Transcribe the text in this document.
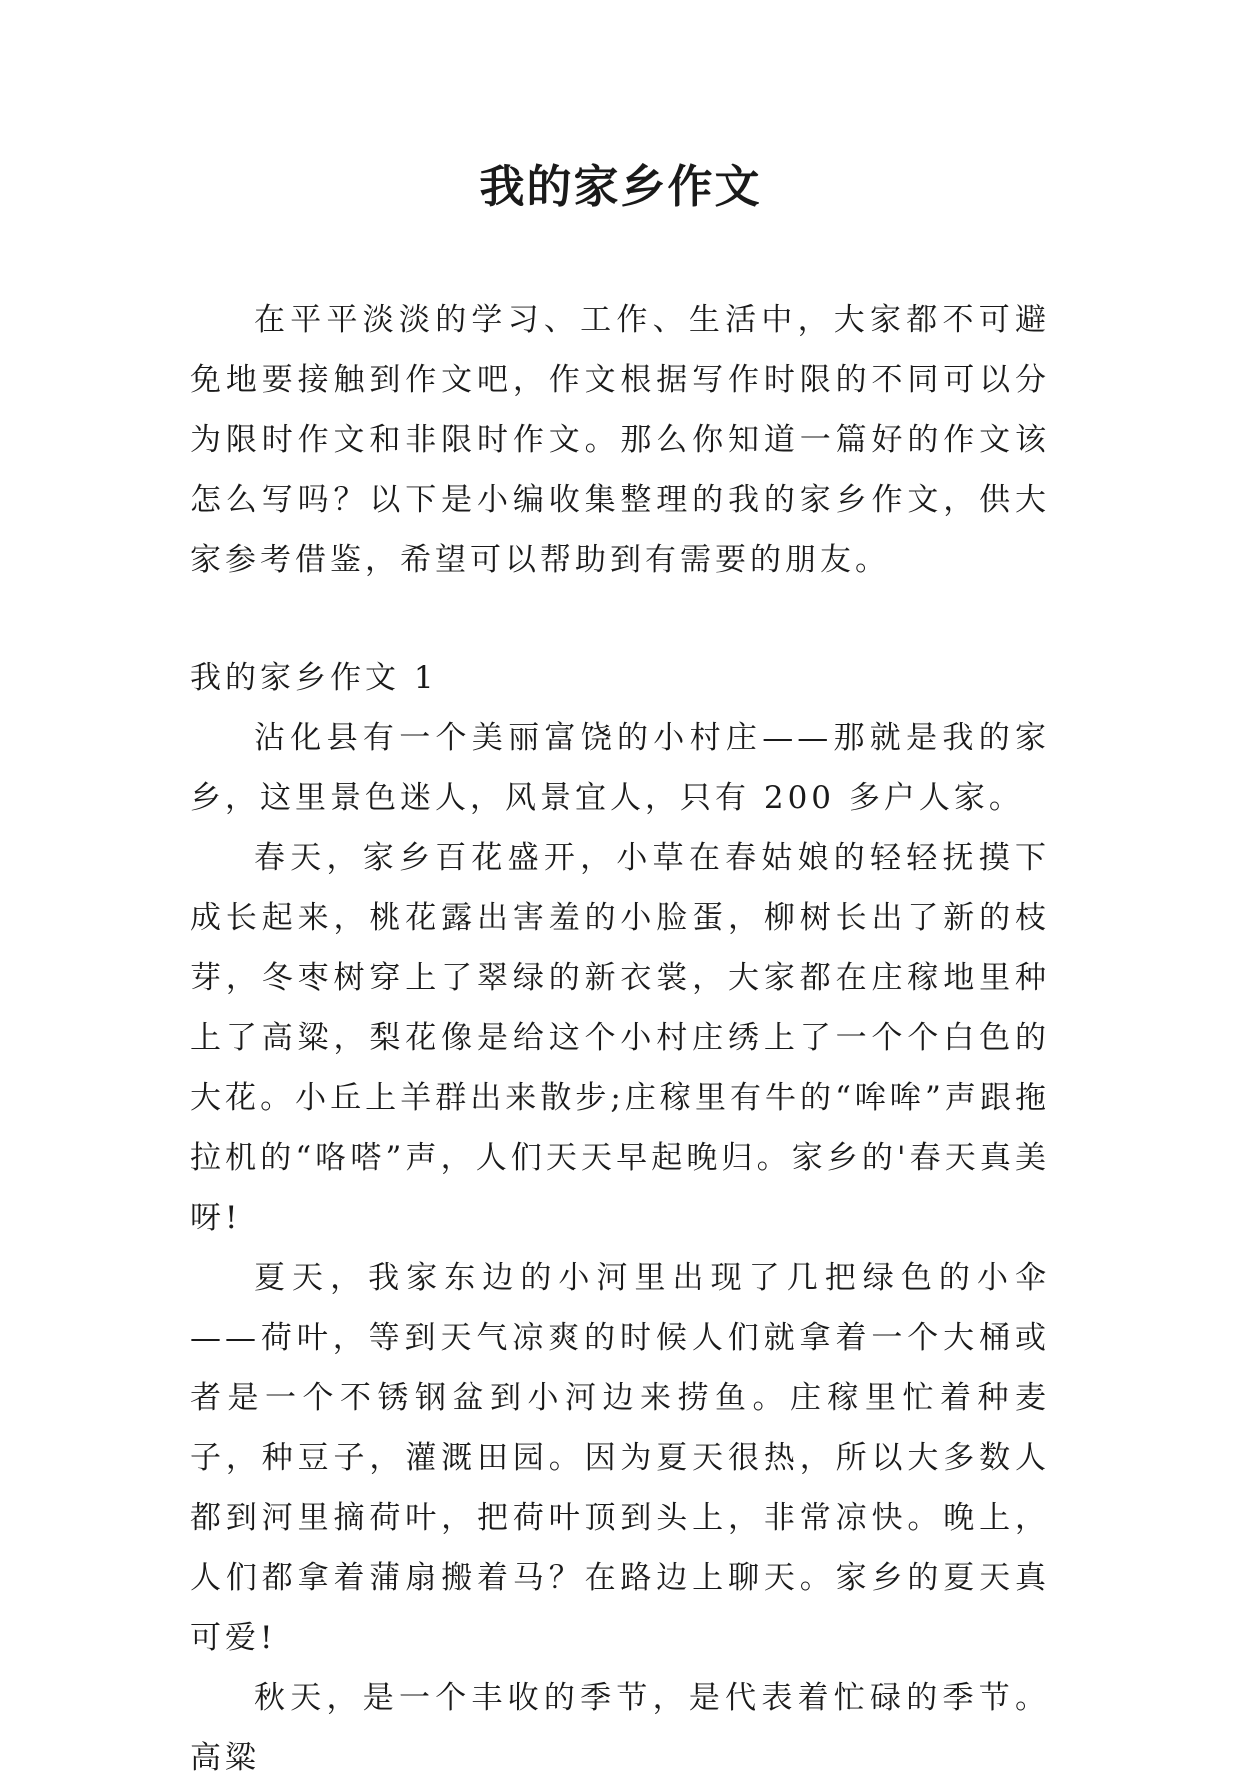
我的家乡作文

在平平淡淡的学习、工作、生活中，大家都不可避免地要接触到作文吧，作文根据写作时限的不同可以分为限时作文和非限时作文。那么你知道一篇好的作文该怎么写吗？以下是小编收集整理的我的家乡作文，供大家参考借鉴，希望可以帮助到有需要的朋友。

我的家乡作文 1

沾化县有一个美丽富饶的小村庄——那就是我的家乡，这里景色迷人，风景宜人，只有 200 多户人家。

春天，家乡百花盛开，小草在春姑娘的轻轻抚摸下成长起来，桃花露出害羞的小脸蛋，柳树长出了新的枝芽，冬枣树穿上了翠绿的新衣裳，大家都在庄稼地里种上了高粱，梨花像是给这个小村庄绣上了一个个白色的大花。小丘上羊群出来散步;庄稼里有牛的“哞哞”声跟拖拉机的“咯嗒”声，人们天天早起晚归。家乡的'春天真美呀!

夏天，我家东边的小河里出现了几把绿色的小伞——荷叶，等到天气凉爽的时候人们就拿着一个大桶或者是一个不锈钢盆到小河边来捞鱼。庄稼里忙着种麦子，种豆子，灌溉田园。因为夏天很热，所以大多数人都到河里摘荷叶，把荷叶顶到头上，非常凉快。晚上，人们都拿着蒲扇搬着马？在路边上聊天。家乡的夏天真可爱!

秋天，是一个丰收的季节，是代表着忙碌的季节。高粱
